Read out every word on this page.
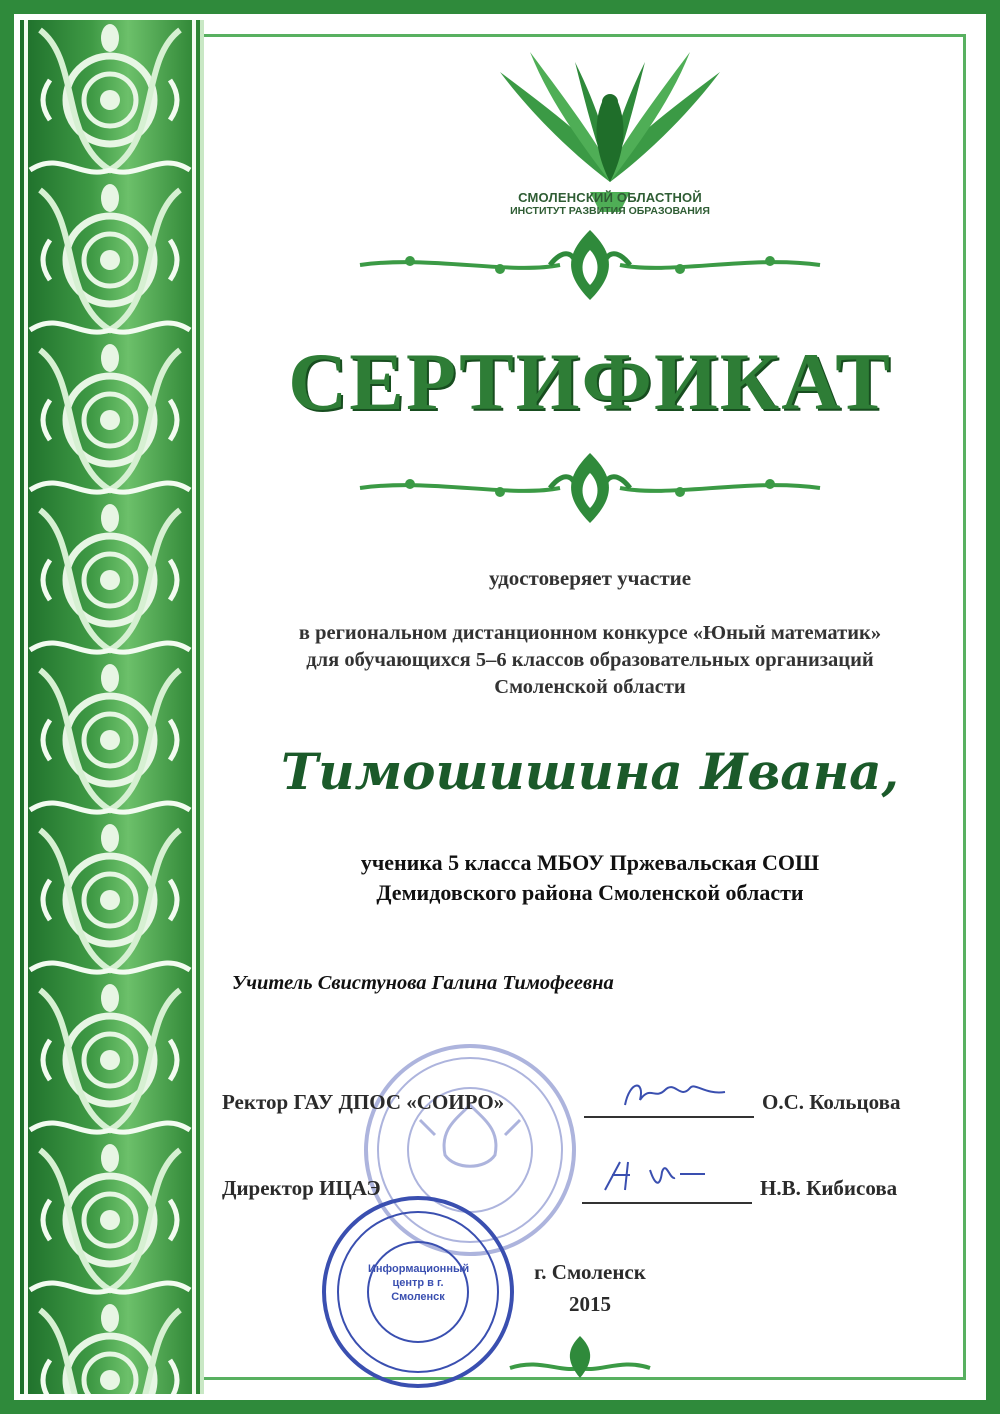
СМОЛЕНСКИЙ ОБЛАСТНОЙ
ИНСТИТУТ РАЗВИТИЯ ОБРАЗОВАНИЯ
СЕРТИФИКАТ
удостоверяет участие
в региональном дистанционном конкурсе «Юный математик»
для обучающихся 5–6 классов образовательных организаций
Смоленской области
Тимошишина Ивана,
ученика 5 класса МБОУ Пржевальская СОШ
Демидовского района Смоленской области
Учитель Свистунова Галина Тимофеевна
Ректор ГАУ ДПОС «СОИРО»	О.С. Кольцова
Директор ИЦАЭ	Н.В. Кибисова
Информационный центр в г. Смоленск
г. Смоленск
2015
